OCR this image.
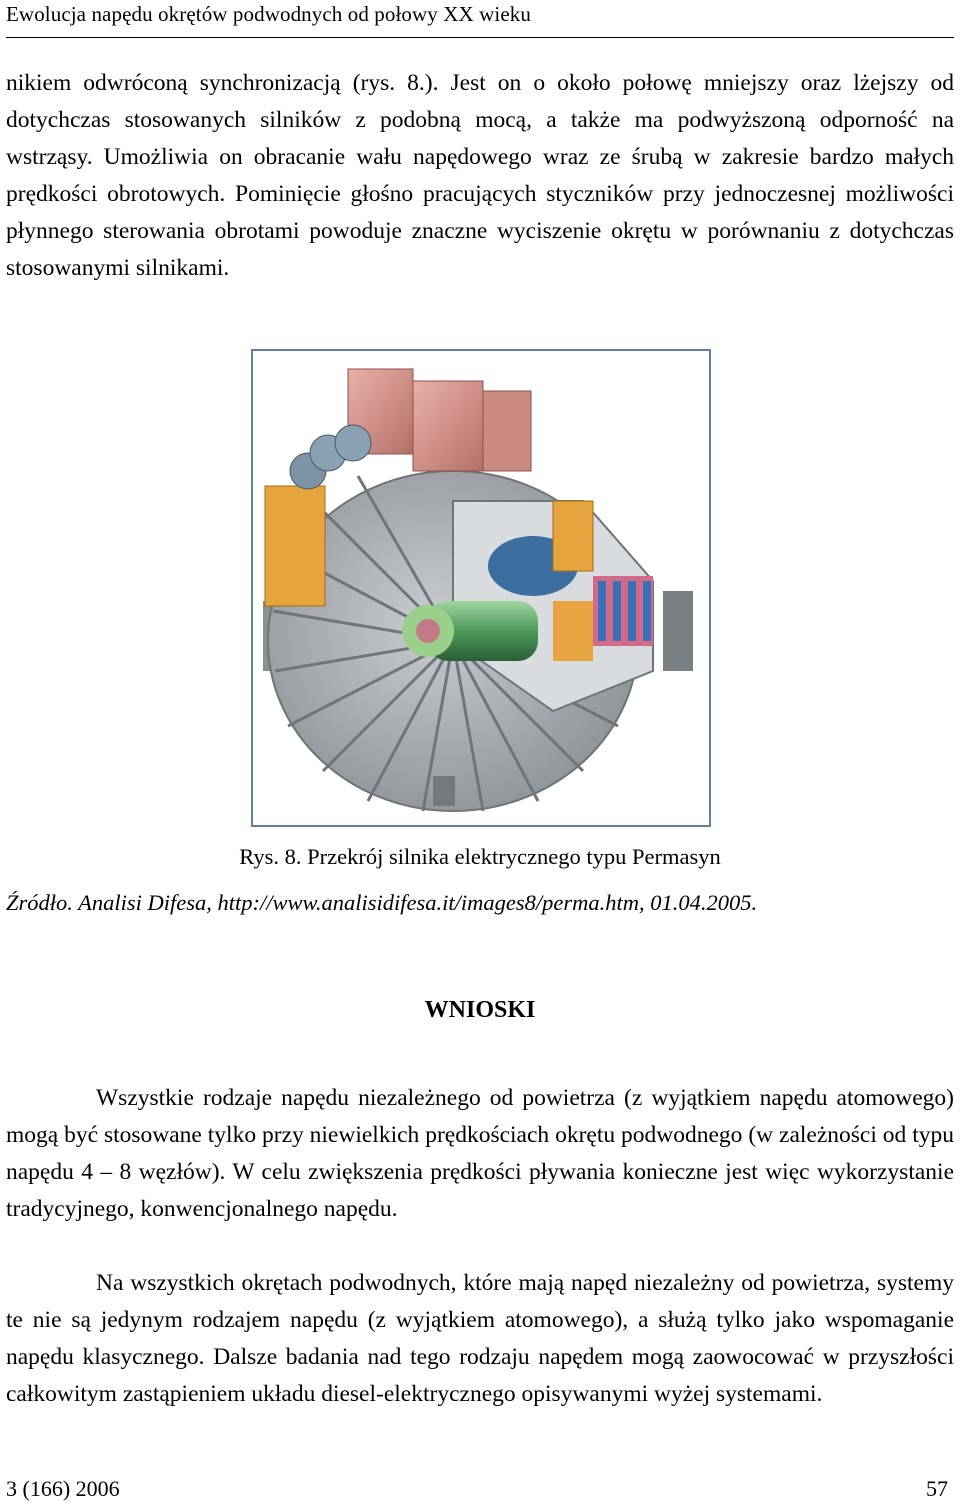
Ewolucja napędu okrętów podwodnych od połowy XX wieku

nikiem odwróconą synchronizacją (rys. 8.). Jest on o około połowę mniejszy oraz lżejszy od dotychczas stosowanych silników z podobną mocą, a także ma podwyższoną odporność na wstrząsy. Umożliwia on obracanie wału napędowego wraz ze śrubą w zakresie bardzo małych prędkości obrotowych. Pominięcie głośno pracujących styczników przy jednoczesnej możliwości płynnego sterowania obrotami powoduje znaczne wyciszenie okrętu w porównaniu z dotychczas stosowanymi silnikami.

Rys. 8. Przekrój silnika elektrycznego typu Permasyn
Źródło. Analisi Difesa, http://www.analisidifesa.it/images8/perma.htm, 01.04.2005.
WNIOSKI

Wszystkie rodzaje napędu niezależnego od powietrza (z wyjątkiem napędu atomowego) mogą być stosowane tylko przy niewielkich prędkościach okrętu podwodnego (w zależności od typu napędu 4 – 8 węzłów). W celu zwiększenia prędkości pływania konieczne jest więc wykorzystanie tradycyjnego, konwencjonalnego napędu.

Na wszystkich okrętach podwodnych, które mają napęd niezależny od powietrza, systemy te nie są jedynym rodzajem napędu (z wyjątkiem atomowego), a służą tylko jako wspomaganie napędu klasycznego. Dalsze badania nad tego rodzaju napędem mogą zaowocować w przyszłości całkowitym zastąpieniem układu diesel-elektrycznego opisywanymi wyżej systemami.

3 (166) 2006	57
